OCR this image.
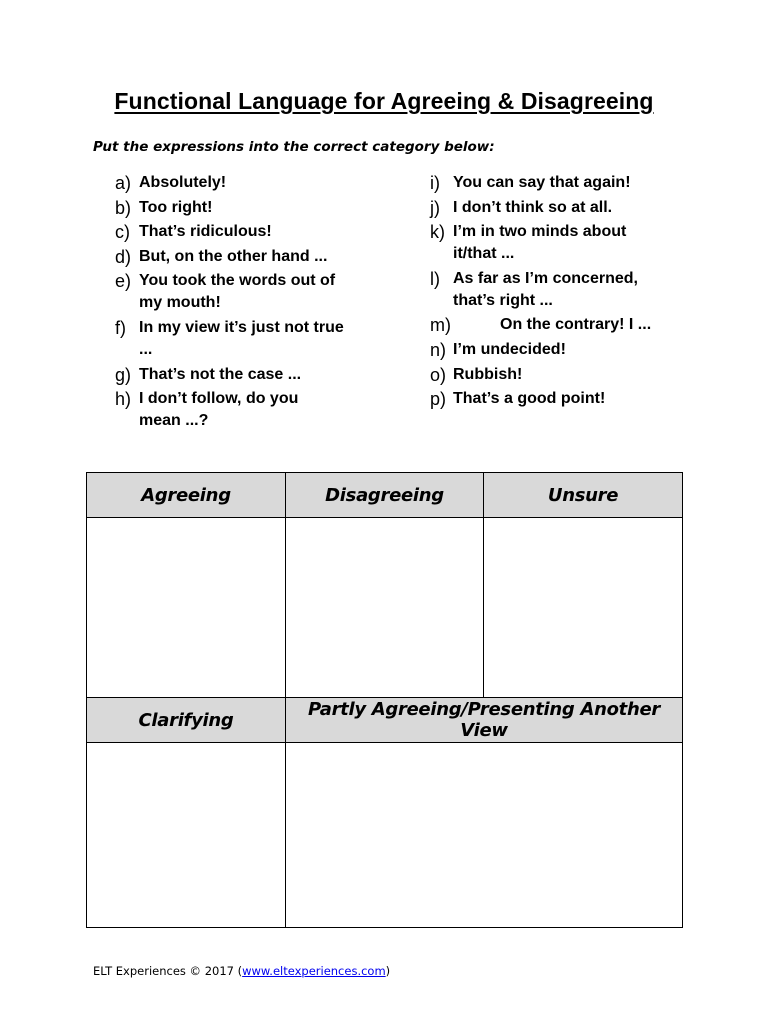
Functional Language for Agreeing & Disagreeing
Put the expressions into the correct category below:
a) Absolutely!
b) Too right!
c) That’s ridiculous!
d) But, on the other hand ...
e) You took the words out of my mouth!
f) In my view it’s just not true ...
g) That’s not the case ...
h) I don’t follow, do you mean ...?
i) You can say that again!
j) I don’t think so at all.
k) I’m in two minds about it/that ...
l) As far as I’m concerned, that’s right ...
m)	On the contrary! I ...
n) I’m undecided!
o) Rubbish!
p) That’s a good point!
Agreeing	Disagreeing	Unsure

Clarifying	Partly Agreeing/Presenting Another View	

ELT Experiences © 2017 (www.eltexperiences.com)
